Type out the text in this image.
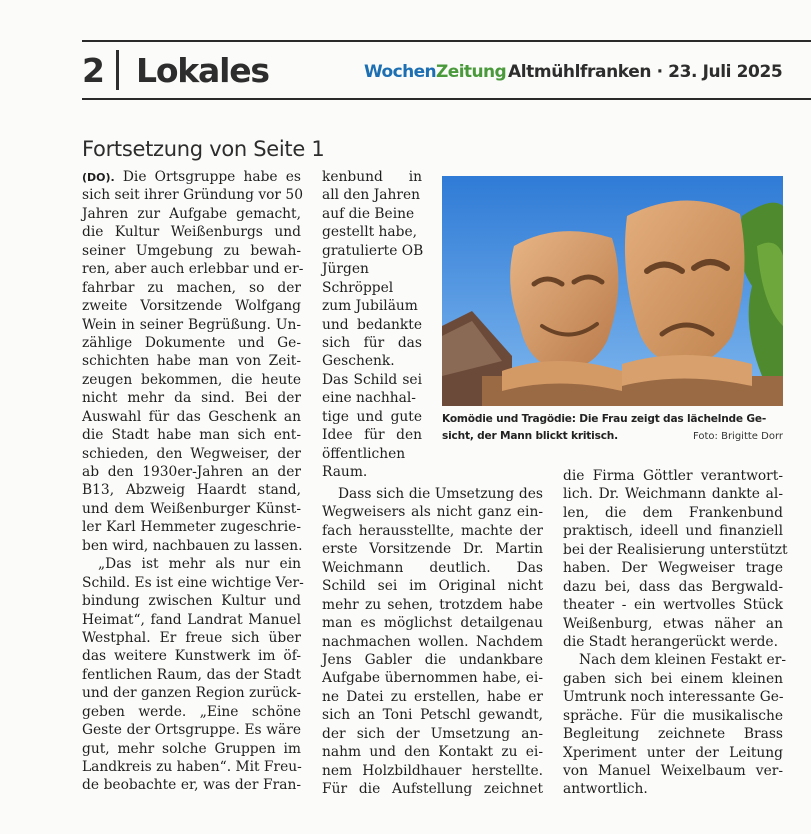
2 Lokales	WochenZeitung Altmühlfranken · 23. Juli 2025
Fortsetzung von Seite 1
(DO). Die Ortsgruppe habe es
sich seit ihrer Gründung vor 50
Jahren zur Aufgabe gemacht,
die Kultur Weißenburgs und
seiner Umgebung zu bewah-
ren, aber auch erlebbar und er-
fahrbar zu machen, so der
zweite Vorsitzende Wolfgang
Wein in seiner Begrüßung. Un-
zählige Dokumente und Ge-
schichten habe man von Zeit-
zeugen bekommen, die heute
nicht mehr da sind. Bei der
Auswahl für das Geschenk an
die Stadt habe man sich ent-
schieden, den Wegweiser, der
ab den 1930er-Jahren an der
B13, Abzweig Haardt stand,
und dem Weißenburger Künst-
ler Karl Hemmeter zugeschrie-
ben wird, nachbauen zu lassen.
„Das ist mehr als nur ein
Schild. Es ist eine wichtige Ver-
bindung zwischen Kultur und
Heimat“, fand Landrat Manuel
Westphal. Er freue sich über
das weitere Kunstwerk im öf-
fentlichen Raum, das der Stadt
und der ganzen Region zurück-
geben werde. „Eine schöne
Geste der Ortsgruppe. Es wäre
gut, mehr solche Gruppen im
Landkreis zu haben“. Mit Freu-
de beobachte er, was der Fran-
kenbund in
all den Jahren
auf die Beine
gestellt habe,
gratulierte OB
Jürgen
Schröppel
zum Jubiläum
und bedankte
sich für das
Geschenk.
Das Schild sei
eine nachhal-
tige und gute
Idee für den
öffentlichen
Raum.
Dass sich die Umsetzung des
Wegweisers als nicht ganz ein-
fach herausstellte, machte der
erste Vorsitzende Dr. Martin
Weichmann deutlich. Das
Schild sei im Original nicht
mehr zu sehen, trotzdem habe
man es möglichst detailgenau
nachmachen wollen. Nachdem
Jens Gabler die undankbare
Aufgabe übernommen habe, ei-
ne Datei zu erstellen, habe er
sich an Toni Petschl gewandt,
der sich der Umsetzung an-
nahm und den Kontakt zu ei-
nem Holzbildhauer herstellte.
Für die Aufstellung zeichnet
Komödie und Tragödie: Die Frau zeigt das lächelnde Ge-
sicht, der Mann blickt kritisch.	Foto: Brigitte Dorr
die Firma Göttler verantwort-
lich. Dr. Weichmann dankte al-
len, die dem Frankenbund
praktisch, ideell und finanziell
bei der Realisierung unterstützt
haben. Der Wegweiser trage
dazu bei, dass das Bergwald-
theater - ein wertvolles Stück
Weißenburg, etwas näher an
die Stadt herangerückt werde.
Nach dem kleinen Festakt er-
gaben sich bei einem kleinen
Umtrunk noch interessante Ge-
spräche. Für die musikalische
Begleitung zeichnete Brass
Xperiment unter der Leitung
von Manuel Weixelbaum ver-
antwortlich.
